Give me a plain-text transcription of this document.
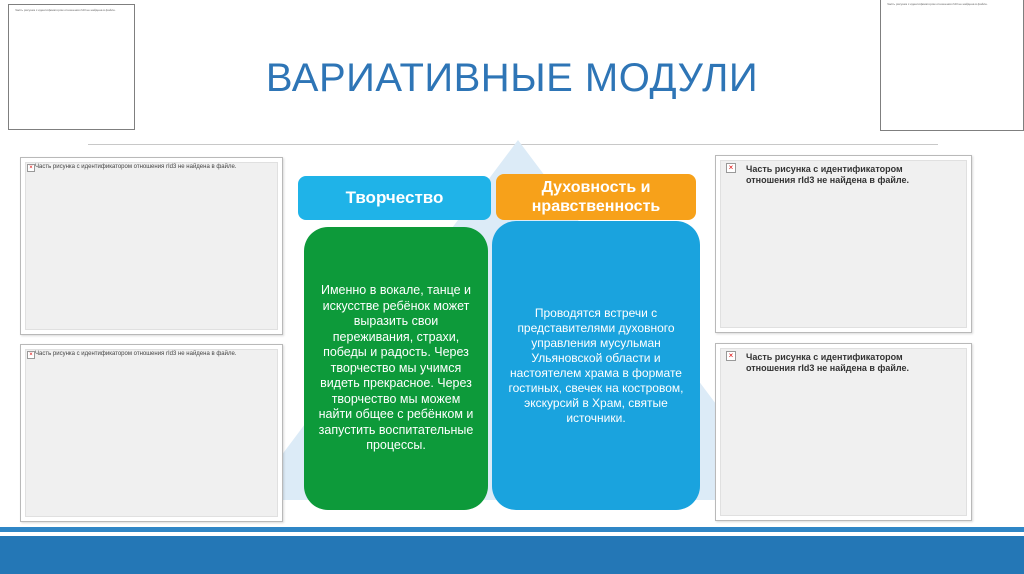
Часть рисунка с идентификатором отношения rId3 не найдена в файле.
Часть рисунка с идентификатором отношения rId3 не найдена в файле.
ВАРИАТИВНЫЕ МОДУЛИ
× Часть рисунка с идентификатором отношения rId3 не найдена в файле.
× Часть рисунка с идентификатором отношения rId3 не найдена в файле.
× Часть рисунка с идентификатором отношения rId3 не найдена в файле.
× Часть рисунка с идентификатором отношения rId3 не найдена в файле.
Творчество
Духовность и нравственность
Именно в вокале, танце и искусстве ребёнок может выразить свои переживания, страхи, победы и радость. Через творчество мы учимся видеть прекрасное. Через творчество мы можем найти общее с ребёнком и запустить воспитательные процессы.
Проводятся встречи с представителями духовного управления мусульман Ульяновской области и настоятелем храма в формате гостиных, свечек на костровом, экскурсий в Храм, святые источники.
